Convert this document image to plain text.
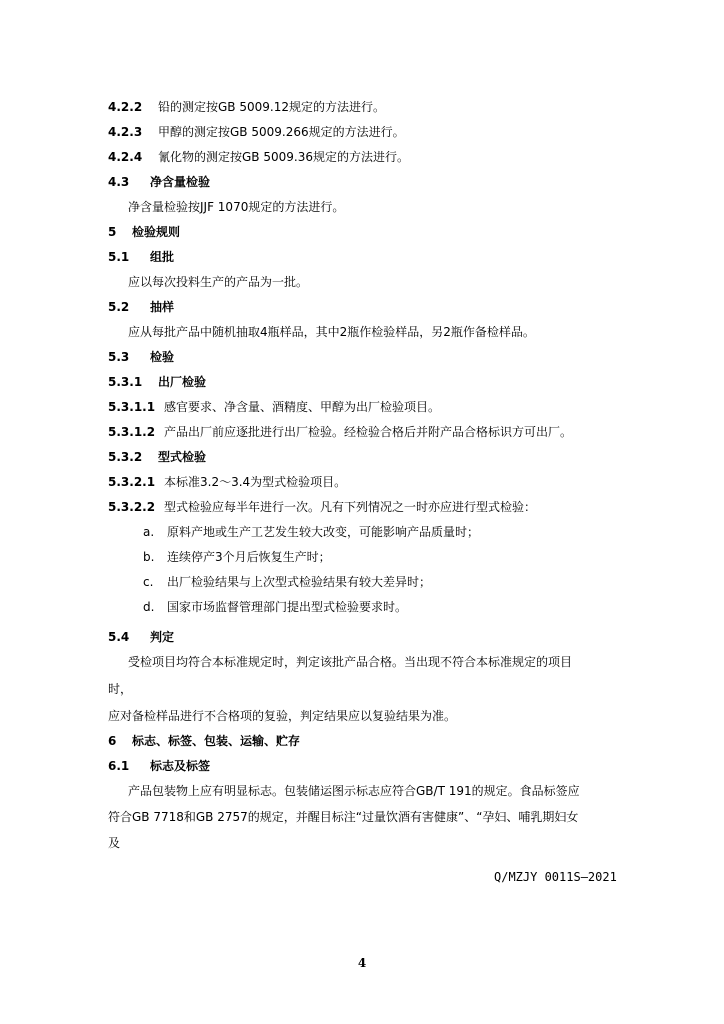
4.2.2 铅的测定按GB 5009.12规定的方法进行。
4.2.3 甲醇的测定按GB 5009.266规定的方法进行。
4.2.4 氰化物的测定按GB 5009.36规定的方法进行。
4.3 净含量检验
净含量检验按JJF 1070规定的方法进行。
5 检验规则
5.1 组批
应以每次投料生产的产品为一批。
5.2 抽样
应从每批产品中随机抽取4瓶样品，其中2瓶作检验样品，另2瓶作备检样品。
5.3 检验
5.3.1 出厂检验
5.3.1.1 感官要求、净含量、酒精度、甲醇为出厂检验项目。
5.3.1.2 产品出厂前应逐批进行出厂检验。经检验合格后并附产品合格标识方可出厂。
5.3.2 型式检验
5.3.2.1 本标准3.2～3.4为型式检验项目。
5.3.2.2 型式检验应每半年进行一次。凡有下列情况之一时亦应进行型式检验：
a. 原料产地或生产工艺发生较大改变，可能影响产品质量时；
b. 连续停产3个月后恢复生产时；
c. 出厂检验结果与上次型式检验结果有较大差异时；
d. 国家市场监督管理部门提出型式检验要求时。
5.4 判定
受检项目均符合本标准规定时，判定该批产品合格。当出现不符合本标准规定的项目
时，
应对备检样品进行不合格项的复验，判定结果应以复验结果为准。
6 标志、标签、包装、运输、贮存
6.1 标志及标签
产品包装物上应有明显标志。包装储运图示标志应符合GB/T 191的规定。食品标签应
符合GB 7718和GB 2757的规定，并醒目标注“过量饮酒有害健康”、“孕妇、哺乳期妇女
及
Q/MZJY 0011S—2021
4
